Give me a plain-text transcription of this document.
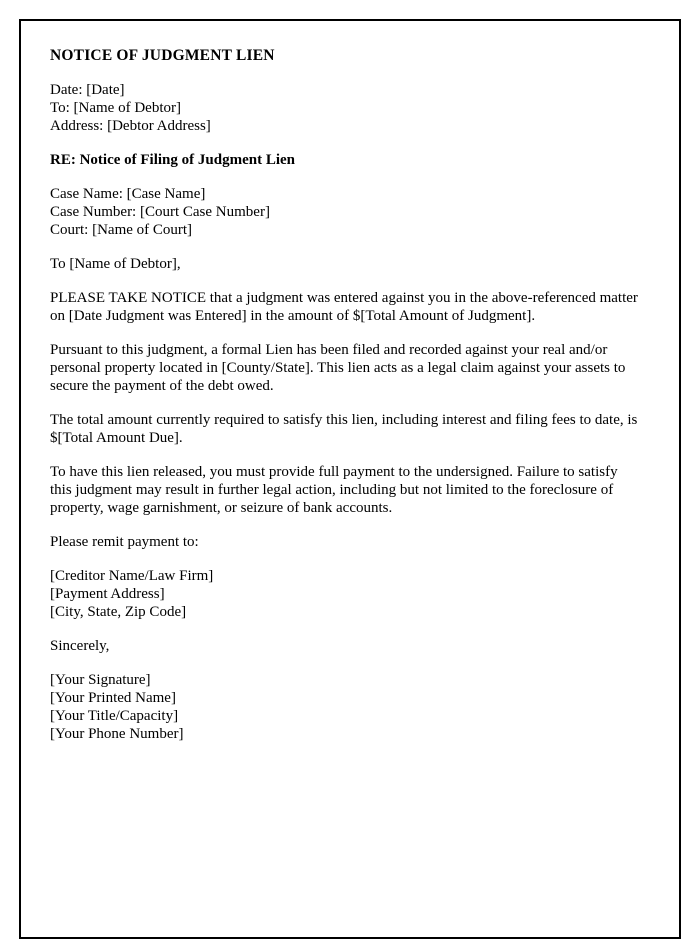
NOTICE OF JUDGMENT LIEN
Date: [Date]
To: [Name of Debtor]
Address: [Debtor Address]
RE: Notice of Filing of Judgment Lien
Case Name: [Case Name]
Case Number: [Court Case Number]
Court: [Name of Court]
To [Name of Debtor],
PLEASE TAKE NOTICE that a judgment was entered against you in the above-referenced matter on [Date Judgment was Entered] in the amount of $[Total Amount of Judgment].
Pursuant to this judgment, a formal Lien has been filed and recorded against your real and/or personal property located in [County/State]. This lien acts as a legal claim against your assets to secure the payment of the debt owed.
The total amount currently required to satisfy this lien, including interest and filing fees to date, is $[Total Amount Due].
To have this lien released, you must provide full payment to the undersigned. Failure to satisfy this judgment may result in further legal action, including but not limited to the foreclosure of property, wage garnishment, or seizure of bank accounts.
Please remit payment to:
[Creditor Name/Law Firm]
[Payment Address]
[City, State, Zip Code]
Sincerely,
[Your Signature]
[Your Printed Name]
[Your Title/Capacity]
[Your Phone Number]
